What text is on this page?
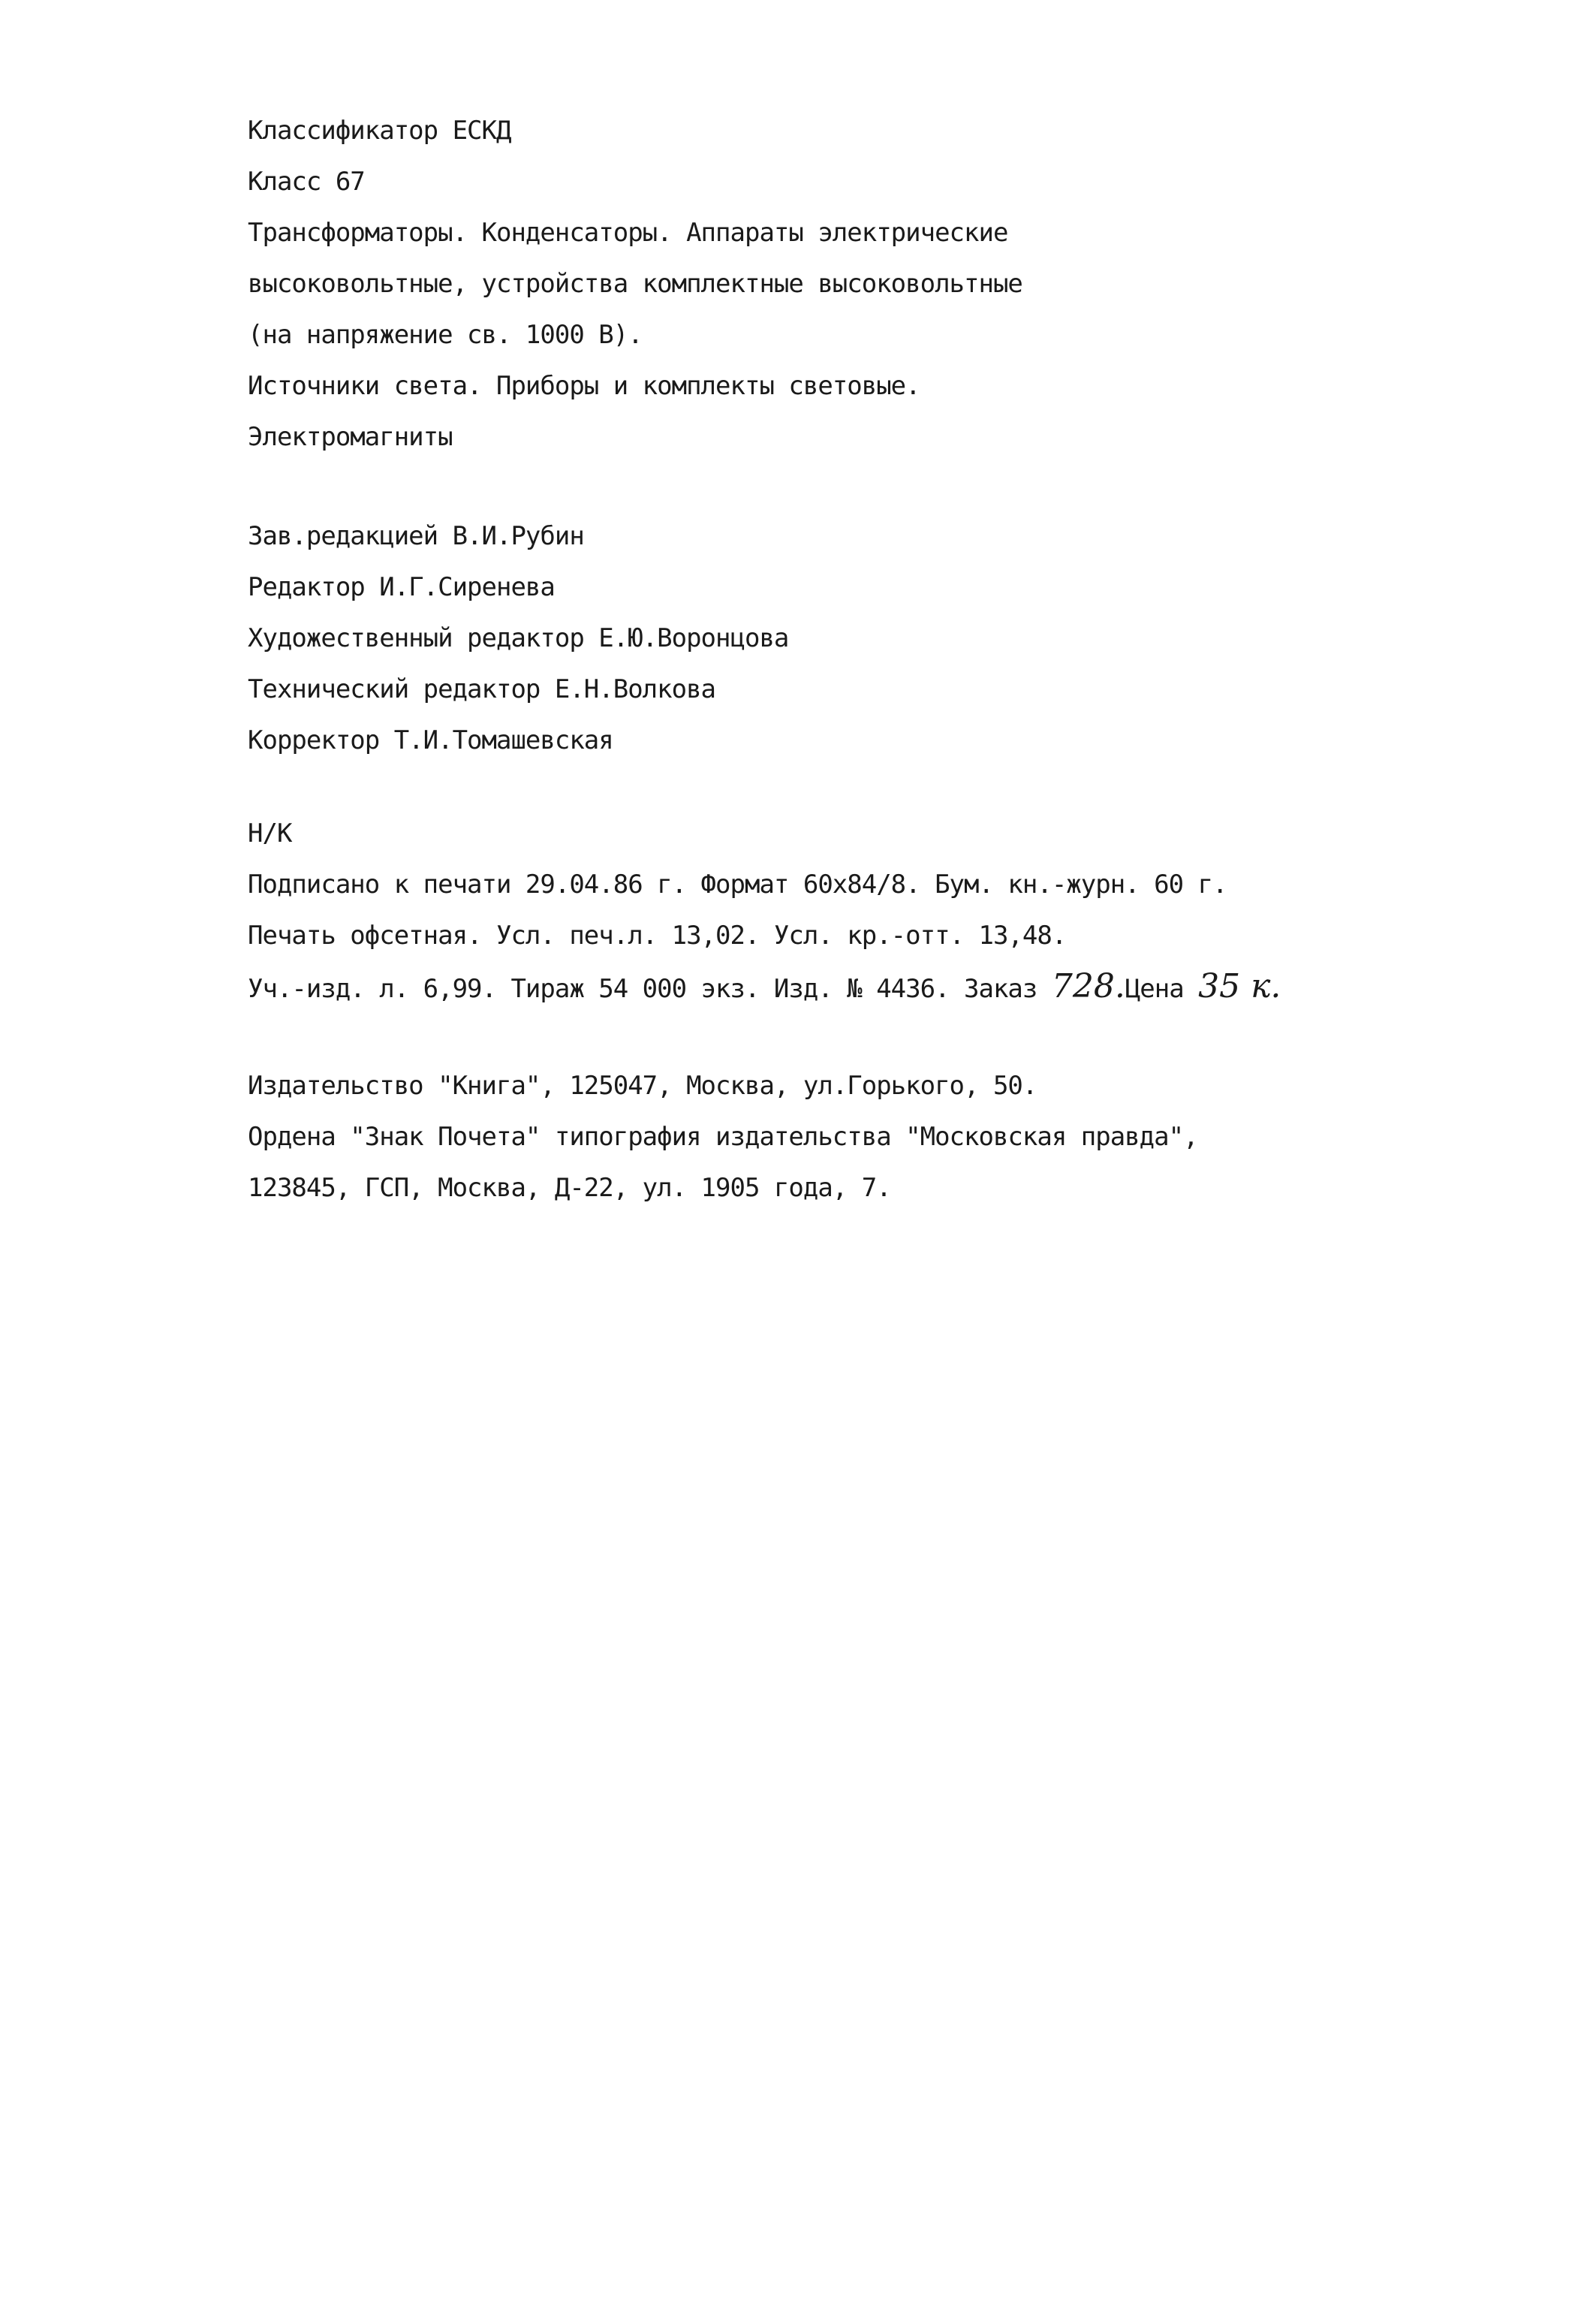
Классификатор ЕСКД
Класс 67
Трансформаторы. Конденсаторы. Аппараты электрические
высоковольтные, устройства комплектные высоковольтные
(на напряжение св. 1000 В).
Источники света. Приборы и комплекты световые.
Электромагниты
Зав.редакцией В.И.Рубин
Редактор И.Г.Сиренева
Художественный редактор Е.Ю.Воронцова
Технический редактор Е.Н.Волкова
Корректор Т.И.Томашевская
Н/К
Подписано к печати 29.04.86 г. Формат 60х84/8. Бум. кн.-журн. 60 г.
Печать офсетная. Усл. печ.л. 13,02. Усл. кр.-отт. 13,48.
Уч.-изд. л. 6,99. Тираж 54 000 экз. Изд. № 4436. Заказ 728.Цена 35 к.
Издательство "Книга", 125047, Москва, ул.Горького, 50.
Ордена "Знак Почета" типография издательства "Московская правда",
123845, ГСП, Москва, Д-22, ул. 1905 года, 7.
